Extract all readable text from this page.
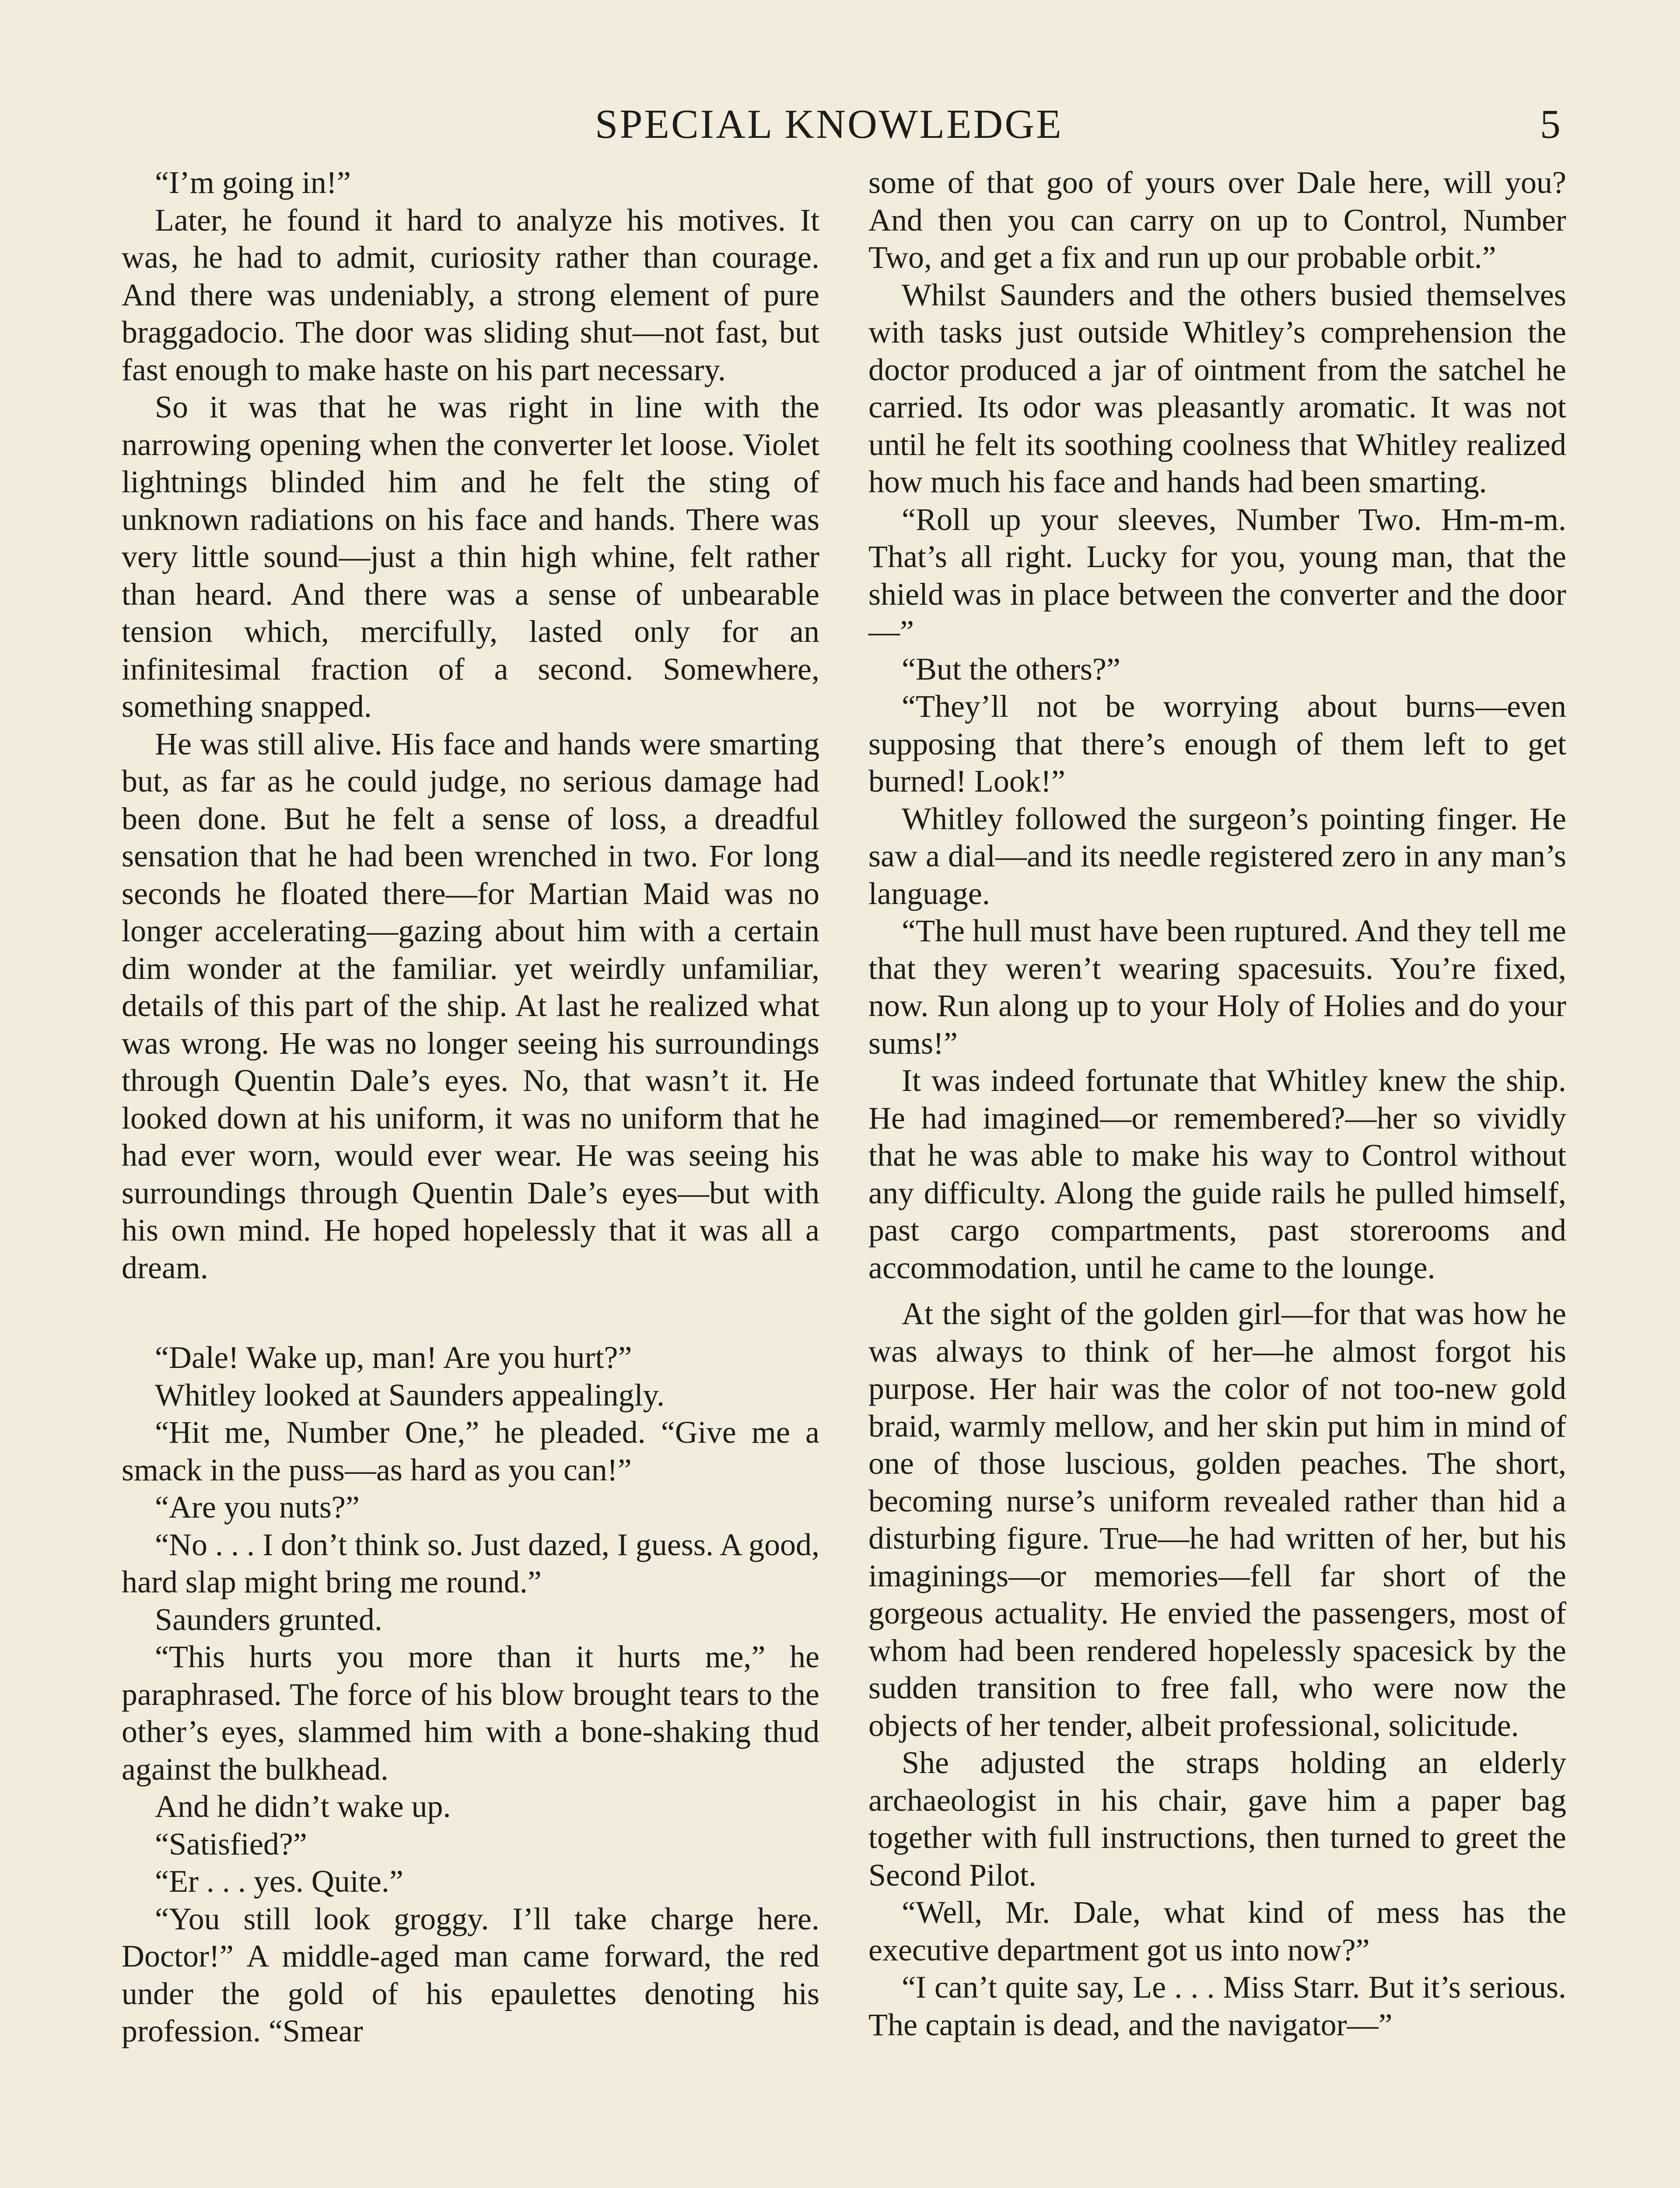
SPECIAL KNOWLEDGE	5

“I’m going in!”

Later, he found it hard to analyze his motives. It was, he had to admit, curiosity rather than courage. And there was undeniably, a strong element of pure braggadocio. The door was sliding shut—not fast, but fast enough to make haste on his part necessary.

So it was that he was right in line with the narrowing opening when the converter let loose. Violet lightnings blinded him and he felt the sting of unknown radiations on his face and hands. There was very little sound—just a thin high whine, felt rather than heard. And there was a sense of unbearable tension which, mercifully, lasted only for an infinitesimal fraction of a second. Somewhere, something snapped.

He was still alive. His face and hands were smarting but, as far as he could judge, no serious damage had been done. But he felt a sense of loss, a dreadful sensation that he had been wrenched in two. For long seconds he floated there—for Martian Maid was no longer accelerating—gazing about him with a certain dim wonder at the familiar. yet weirdly unfamiliar, details of this part of the ship. At last he realized what was wrong. He was no longer seeing his surroundings through Quentin Dale’s eyes. No, that wasn’t it. He looked down at his uniform, it was no uniform that he had ever worn, would ever wear. He was seeing his surroundings through Quentin Dale’s eyes—but with his own mind. He hoped hopelessly that it was all a dream.

“Dale! Wake up, man! Are you hurt?”

Whitley looked at Saunders appealingly.

“Hit me, Number One,” he pleaded. “Give me a smack in the puss—as hard as you can!”

“Are you nuts?”

“No . . . I don’t think so. Just dazed, I guess. A good, hard slap might bring me round.”

Saunders grunted.

“This hurts you more than it hurts me,” he paraphrased. The force of his blow brought tears to the other’s eyes, slammed him with a bone-shaking thud against the bulkhead.

And he didn’t wake up.

“Satisfied?”

“Er . . . yes. Quite.”

“You still look groggy. I’ll take charge here. Doctor!” A middle-aged man came forward, the red under the gold of his epaulettes denoting his profession. “Smear

some of that goo of yours over Dale here, will you? And then you can carry on up to Control, Number Two, and get a fix and run up our probable orbit.”

Whilst Saunders and the others busied themselves with tasks just outside Whitley’s comprehension the doctor produced a jar of ointment from the satchel he carried. Its odor was pleasantly aromatic. It was not until he felt its soothing coolness that Whitley realized how much his face and hands had been smarting.

“Roll up your sleeves, Number Two. Hm-m-m. That’s all right. Lucky for you, young man, that the shield was in place between the converter and the door—”

“But the others?”

“They’ll not be worrying about burns—even supposing that there’s enough of them left to get burned! Look!”

Whitley followed the surgeon’s pointing finger. He saw a dial—and its needle registered zero in any man’s language.

“The hull must have been ruptured. And they tell me that they weren’t wearing spacesuits. You’re fixed, now. Run along up to your Holy of Holies and do your sums!”

It was indeed fortunate that Whitley knew the ship. He had imagined—or remembered?—her so vividly that he was able to make his way to Control without any difficulty. Along the guide rails he pulled himself, past cargo compartments, past storerooms and accommodation, until he came to the lounge.

At the sight of the golden girl—for that was how he was always to think of her—he almost forgot his purpose. Her hair was the color of not too-new gold braid, warmly mellow, and her skin put him in mind of one of those luscious, golden peaches. The short, becoming nurse’s uniform revealed rather than hid a disturbing figure. True—he had written of her, but his imaginings—or memories—fell far short of the gorgeous actuality. He envied the passengers, most of whom had been rendered hopelessly spacesick by the sudden transition to free fall, who were now the objects of her tender, albeit professional, solicitude.

She adjusted the straps holding an elderly archaeologist in his chair, gave him a paper bag together with full instructions, then turned to greet the Second Pilot.

“Well, Mr. Dale, what kind of mess has the executive department got us into now?”

“I can’t quite say, Le . . . Miss Starr. But it’s serious. The captain is dead, and the navigator—”
